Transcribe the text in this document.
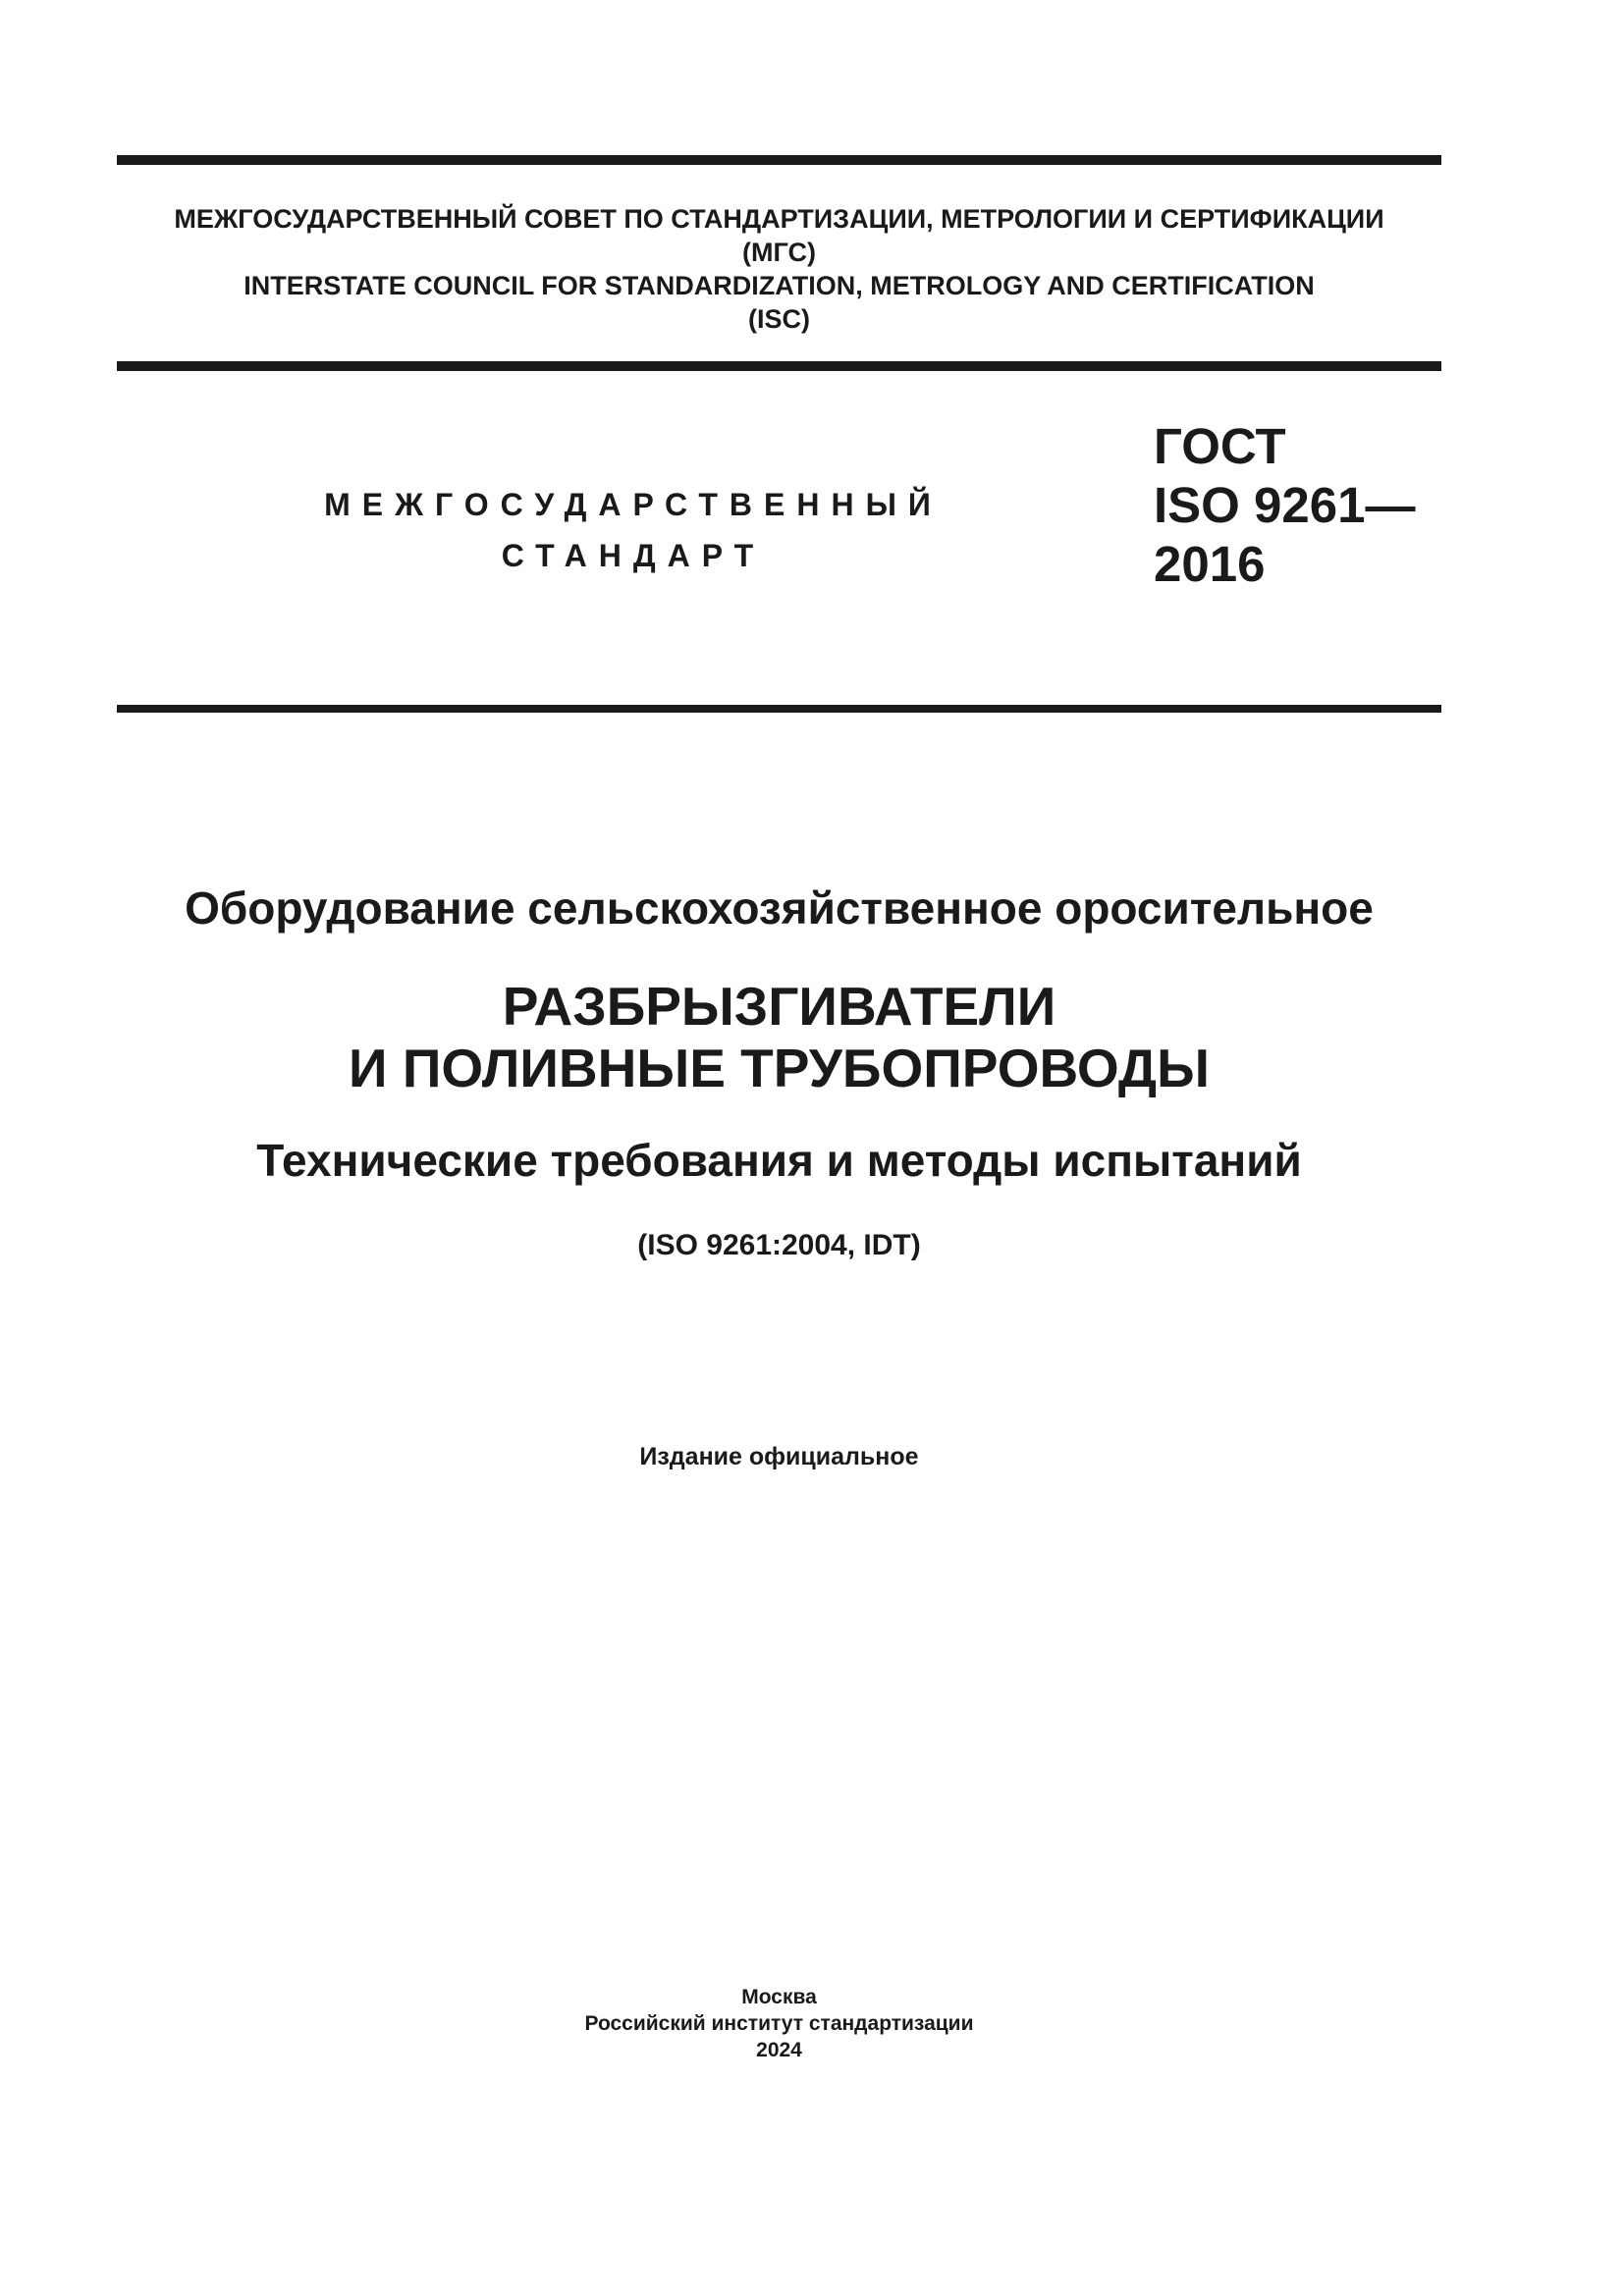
МЕЖГОСУДАРСТВЕННЫЙ СОВЕТ ПО СТАНДАРТИЗАЦИИ, МЕТРОЛОГИИ И СЕРТИФИКАЦИИ
(МГС)
INTERSTATE COUNCIL FOR STANDARDIZATION, METROLOGY AND CERTIFICATION
(ISC)
МЕЖГОСУДАРСТВЕННЫЙ
СТАНДАРТ
ГОСТ
ISO 9261—
2016
Оборудование сельскохозяйственное оросительное
РАЗБРЫЗГИВАТЕЛИ
И ПОЛИВНЫЕ ТРУБОПРОВОДЫ
Технические требования и методы испытаний
(ISO 9261:2004, IDT)
Издание официальное
Москва
Российский институт стандартизации
2024
